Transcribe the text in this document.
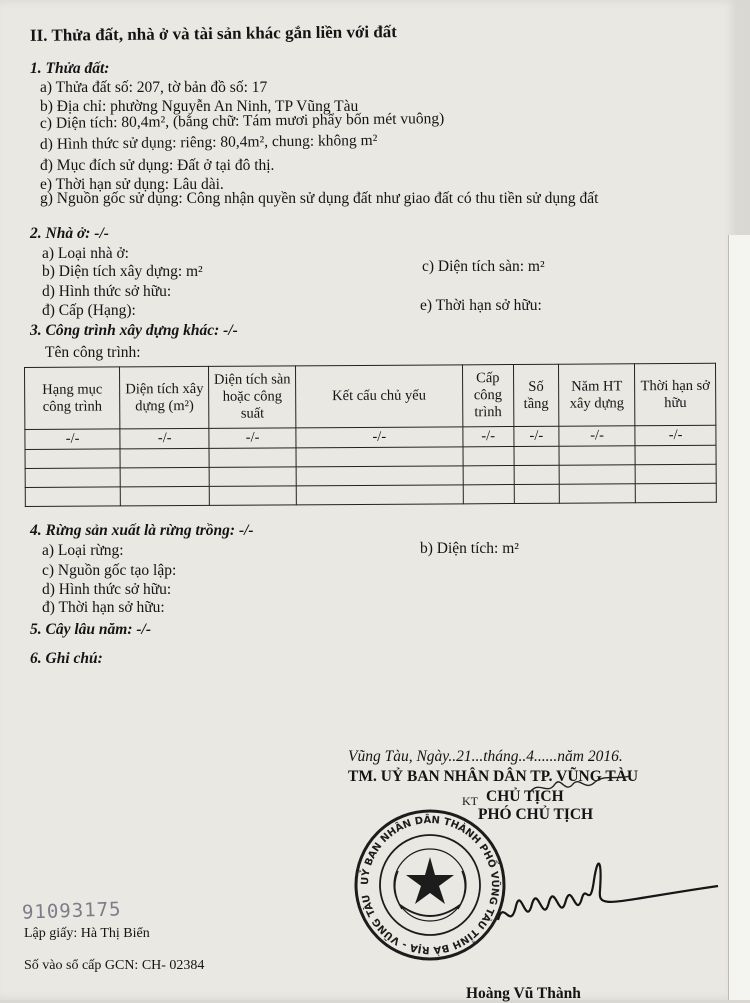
II. Thửa đất, nhà ở và tài sản khác gắn liền với đất
1. Thửa đất:
a) Thửa đất số: 207, tờ bản đồ số: 17
b) Địa chỉ: phường Nguyễn An Ninh, TP Vũng Tàu
c) Diện tích: 80,4m², (bằng chữ: Tám mươi phẩy bốn mét vuông)
d) Hình thức sử dụng: riêng: 80,4m², chung: không m²
đ) Mục đích sử dụng: Đất ở tại đô thị.
e) Thời hạn sử dụng: Lâu dài.
g) Nguồn gốc sử dụng: Công nhận quyền sử dụng đất như giao đất có thu tiền sử dụng đất
2. Nhà ở: -/-
a) Loại nhà ở:
b) Diện tích xây dựng: m²	c) Diện tích sàn: m²
d) Hình thức sở hữu:
đ) Cấp (Hạng):	e) Thời hạn sở hữu:
3. Công trình xây dựng khác: -/-
Tên công trình:
Hạng mục công trình	Diện tích xây dựng (m²)	Diện tích sàn hoặc công suất	Kết cấu chủ yếu	Cấp công trình	Số tầng	Năm HT xây dựng	Thời hạn sở hữu
-/-	-/-	-/-	-/-	-/-	-/-	-/-	-/-

4. Rừng sản xuất là rừng trồng: -/-
a) Loại rừng:	b) Diện tích: m²
c) Nguồn gốc tạo lập:
d) Hình thức sở hữu:
đ) Thời hạn sở hữu:
5. Cây lâu năm: -/-
6. Ghi chú:
Vũng Tàu, Ngày..21...tháng..4......năm 2016.
TM. UỶ BAN NHÂN DÂN TP. VŨNG TÀU
KT CHỦ TỊCH
PHÓ CHỦ TỊCH
UỶ BAN NHÂN DÂN THÀNH PHỐ VŨNG TÀU TỈNH BÀ RỊA - VŨNG TÀU
Hoàng Vũ Thành
91093175
Lập giấy: Hà Thị Biển
Số vào sổ cấp GCN: CH- 02384
